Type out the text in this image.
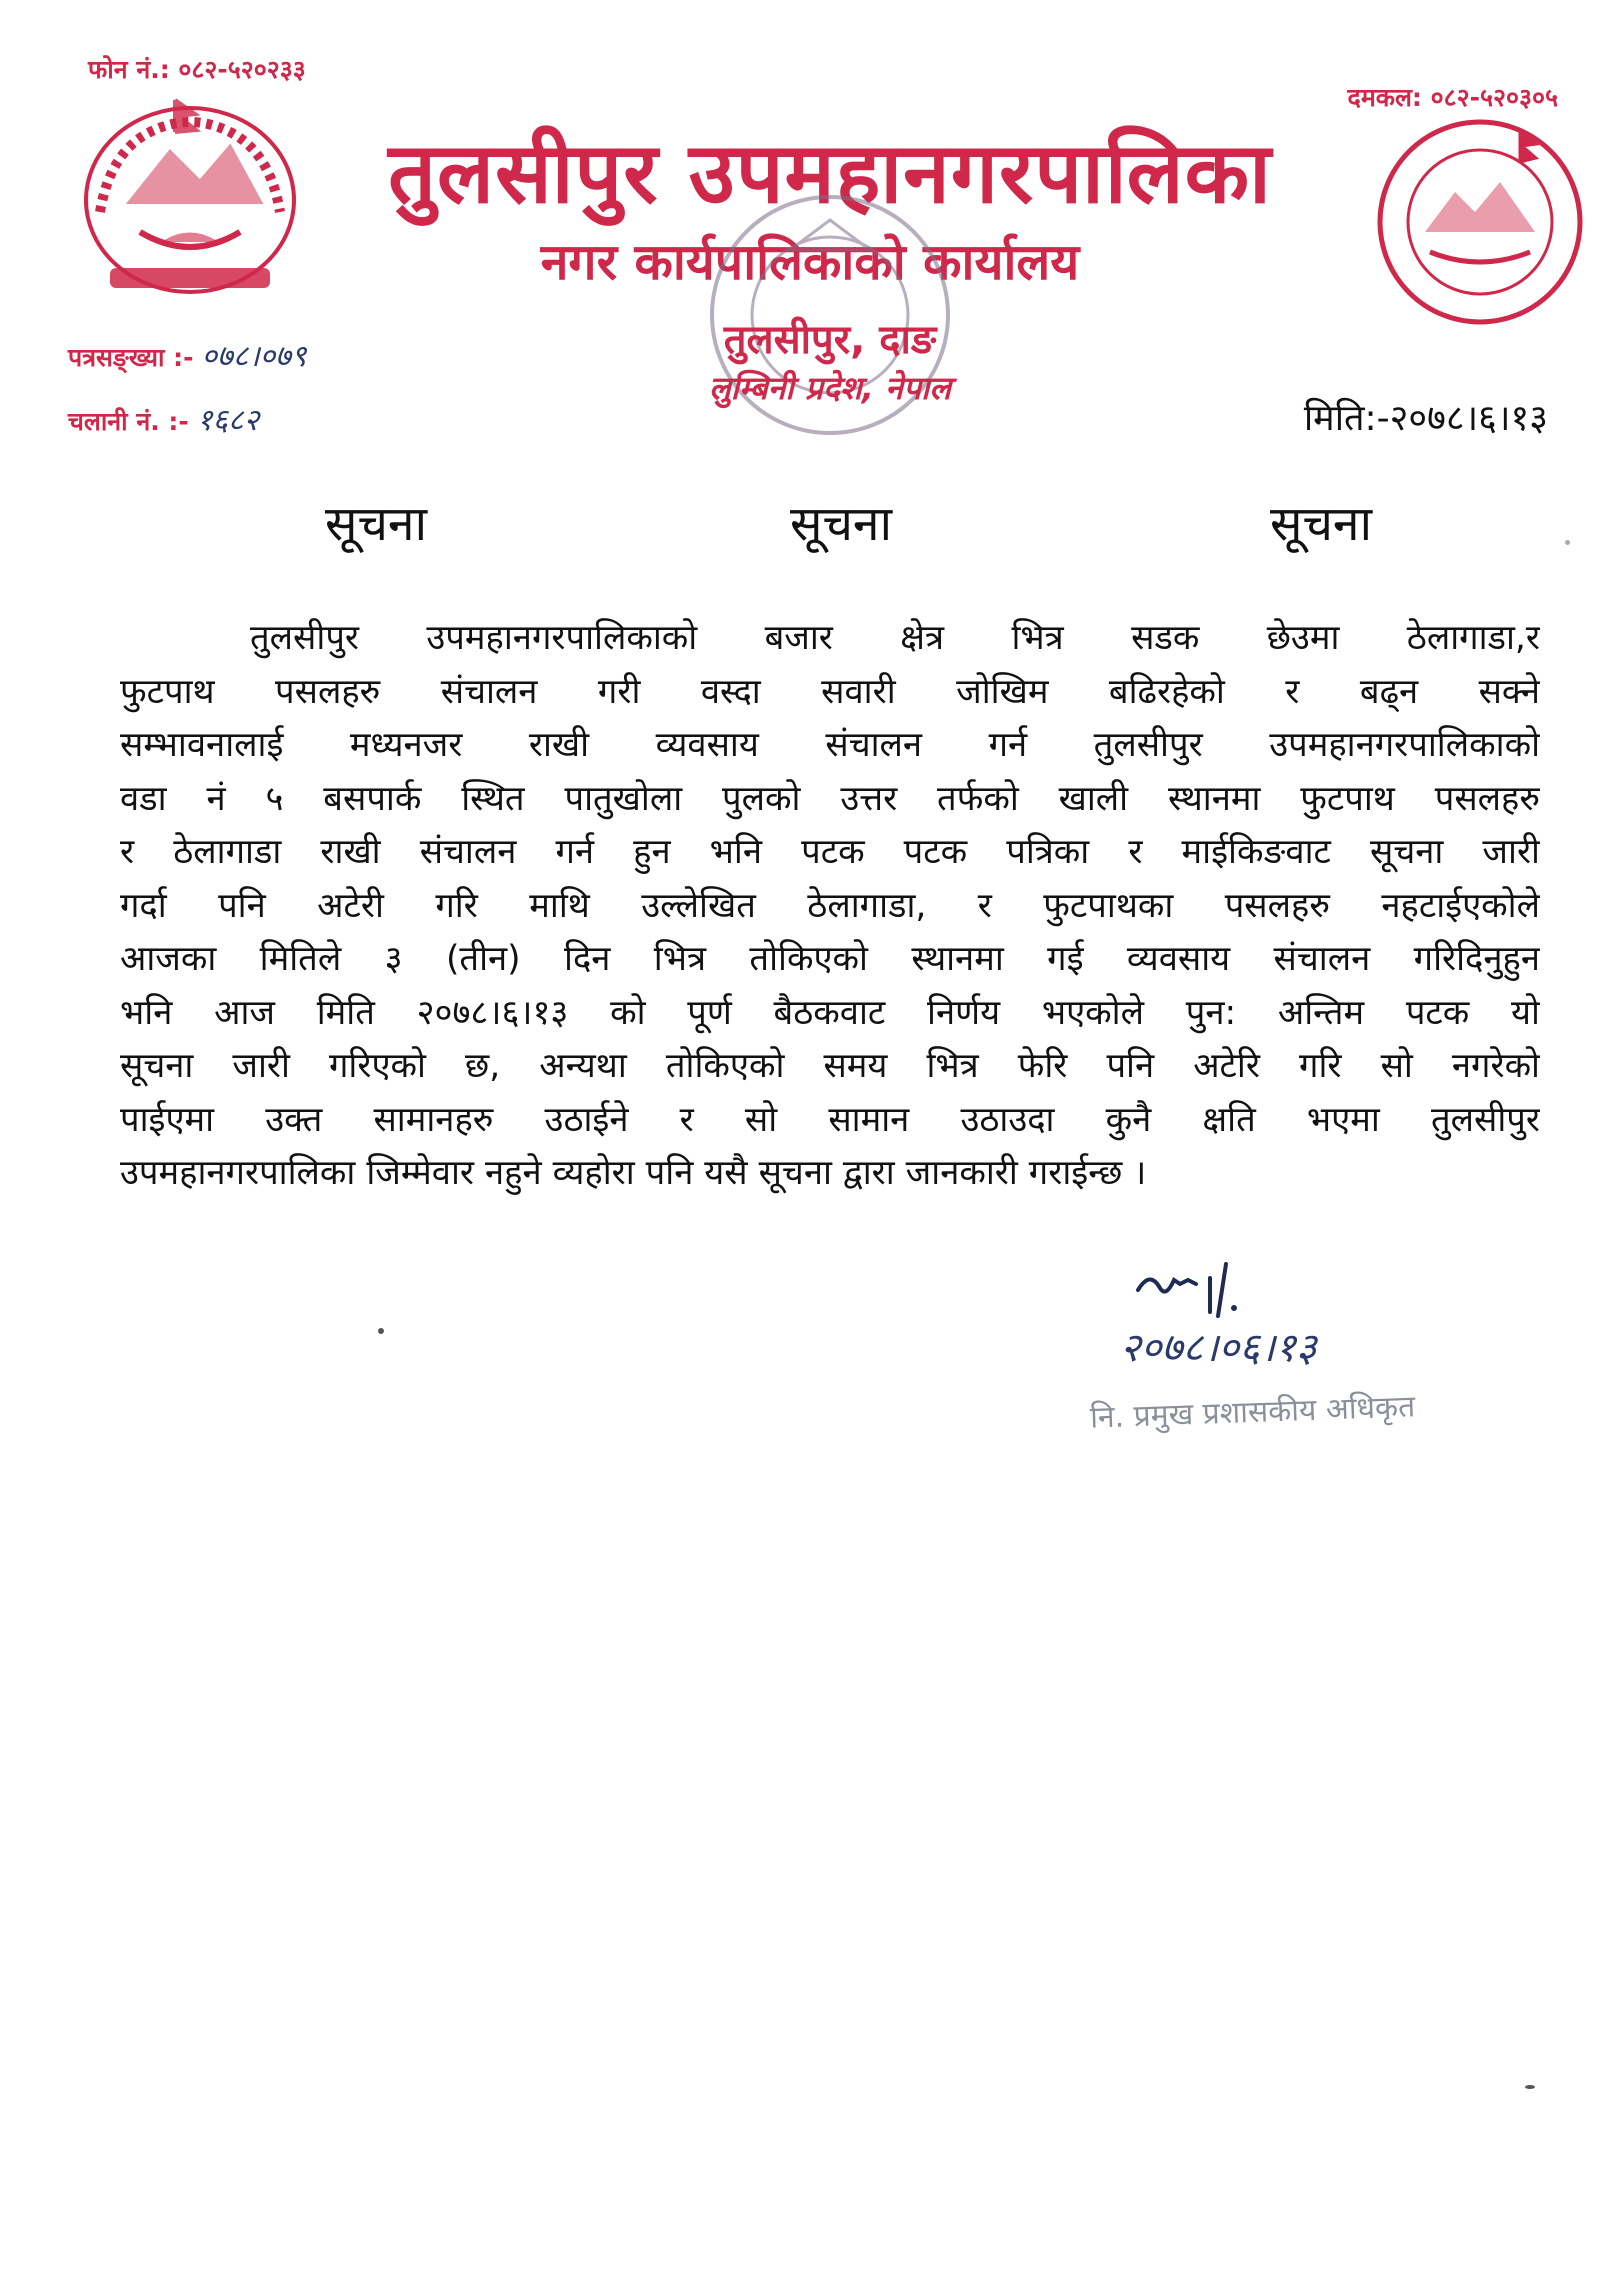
फोन नं.: ०८२-५२०२३३
दमकल: ०८२-५२०३०५
तुलसीपुर उपमहानगरपालिका
नगर कार्यपालिकाको कार्यालय
तुलसीपुर, दाङ
लुम्बिनी प्रदेश, नेपाल
पत्रसङ्ख्या :- ०७८।०७९
चलानी नं. :- १६८२	मिति:-२०७८।६।१३
सूचना	सूचना	सूचना
तुलसीपुर उपमहानगरपालिकाको बजार क्षेत्र भित्र सडक छेउमा ठेलागाडा,र
फुटपाथ पसलहरु संचालन गरी वस्दा सवारी जोखिम बढिरहेको र बढ्न सक्ने
सम्भावनालाई मध्यनजर राखी व्यवसाय संचालन गर्न तुलसीपुर उपमहानगरपालिकाको
वडा नं ५ बसपार्क स्थित पातुखोला पुलको उत्तर तर्फको खाली स्थानमा फुटपाथ पसलहरु
र ठेलागाडा राखी संचालन गर्न हुन भनि पटक पटक पत्रिका र माईकिङवाट सूचना जारी
गर्दा पनि अटेरी गरि माथि उल्लेखित ठेलागाडा, र फुटपाथका पसलहरु नहटाईएकोले
आजका मितिले ३ (तीन) दिन भित्र तोकिएको स्थानमा गई व्यवसाय संचालन गरिदिनुहुन
भनि आज मिति २०७८।६।१३ को पूर्ण बैठकवाट निर्णय भएकोले पुन: अन्तिम पटक यो
सूचना जारी गरिएको छ, अन्यथा तोकिएको समय भित्र फेरि पनि अटेरि गरि सो नगरेको
पाईएमा उक्त सामानहरु उठाईने र सो सामान उठाउदा कुनै क्षति भएमा तुलसीपुर
उपमहानगरपालिका जिम्मेवार नहुने व्यहोरा पनि यसै सूचना द्वारा जानकारी गराईन्छ ।
२०७८।०६।१३
नि. प्रमुख प्रशासकीय अधिकृत
